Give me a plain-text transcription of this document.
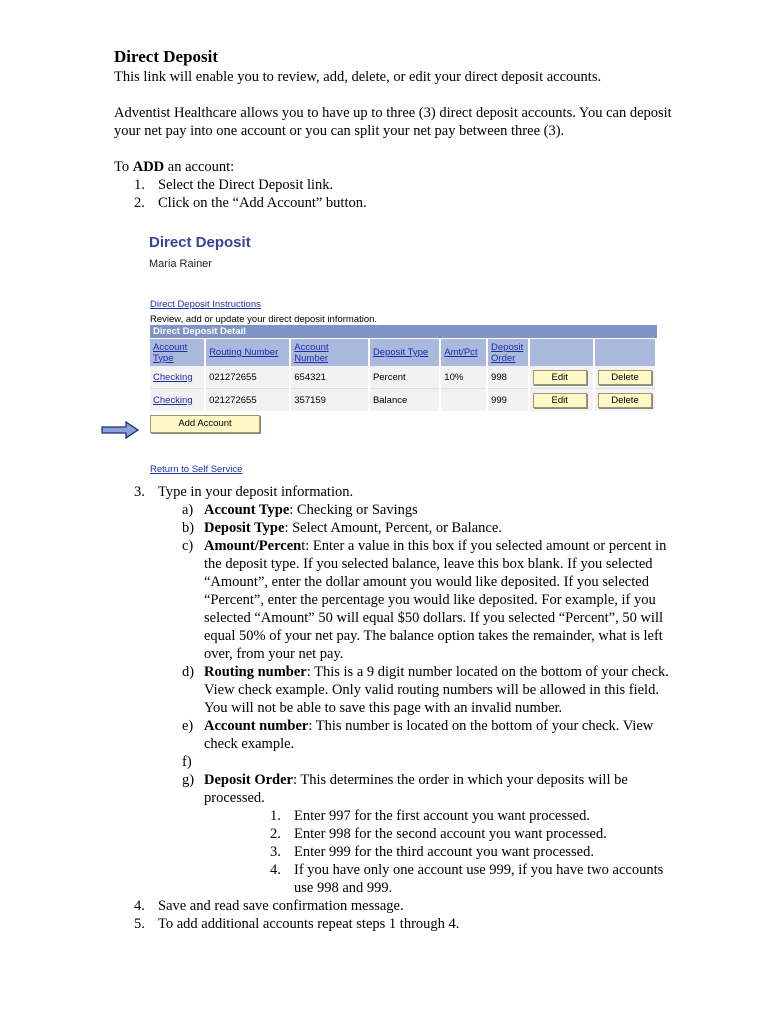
Direct Deposit

This link will enable you to review, add, delete, or edit your direct deposit accounts.

Adventist Healthcare allows you to have up to three (3) direct deposit accounts. You can deposit your net pay into one account or you can split your net pay between three (3).

To ADD an account:

1. Select the Direct Deposit link.
2. Click on the “Add Account” button.
Direct Deposit
Maria Rainer
Direct Deposit Instructions
Review, add or update your direct deposit information.
Direct Deposit Detail
Account Type	Routing Number	Account Number	Deposit Type	Amt/Pct	Deposit Order		
Checking	021272655	654321	Percent	10%	998	Edit	Delete
Checking	021272655	357159	Balance		999	Edit	Delete
Add Account
Return to Self Service
3. Type in your deposit information.
a) Account Type: Checking or Savings
b) Deposit Type: Select Amount, Percent, or Balance.
c) Amount/Percent: Enter a value in this box if you selected amount or percent in the deposit type. If you selected balance, leave this box blank. If you selected “Amount”, enter the dollar amount you would like deposited. If you selected “Percent”, enter the percentage you would like deposited. For example, if you selected “Amount” 50 will equal $50 dollars. If you selected “Percent”, 50 will equal 50% of your net pay. The balance option takes the remainder, what is left over, from your net pay.
d) Routing number: This is a 9 digit number located on the bottom of your check. View check example. Only valid routing numbers will be allowed in this field. You will not be able to save this page with an invalid number.
e) Account number: This number is located on the bottom of your check. View check example.
f)
g) Deposit Order: This determines the order in which your deposits will be processed.
1. Enter 997 for the first account you want processed.
2. Enter 998 for the second account you want processed.
3. Enter 999 for the third account you want processed.
4. If you have only one account use 999, if you have two accounts use 998 and 999.
4. Save and read save confirmation message.
5. To add additional accounts repeat steps 1 through 4.
